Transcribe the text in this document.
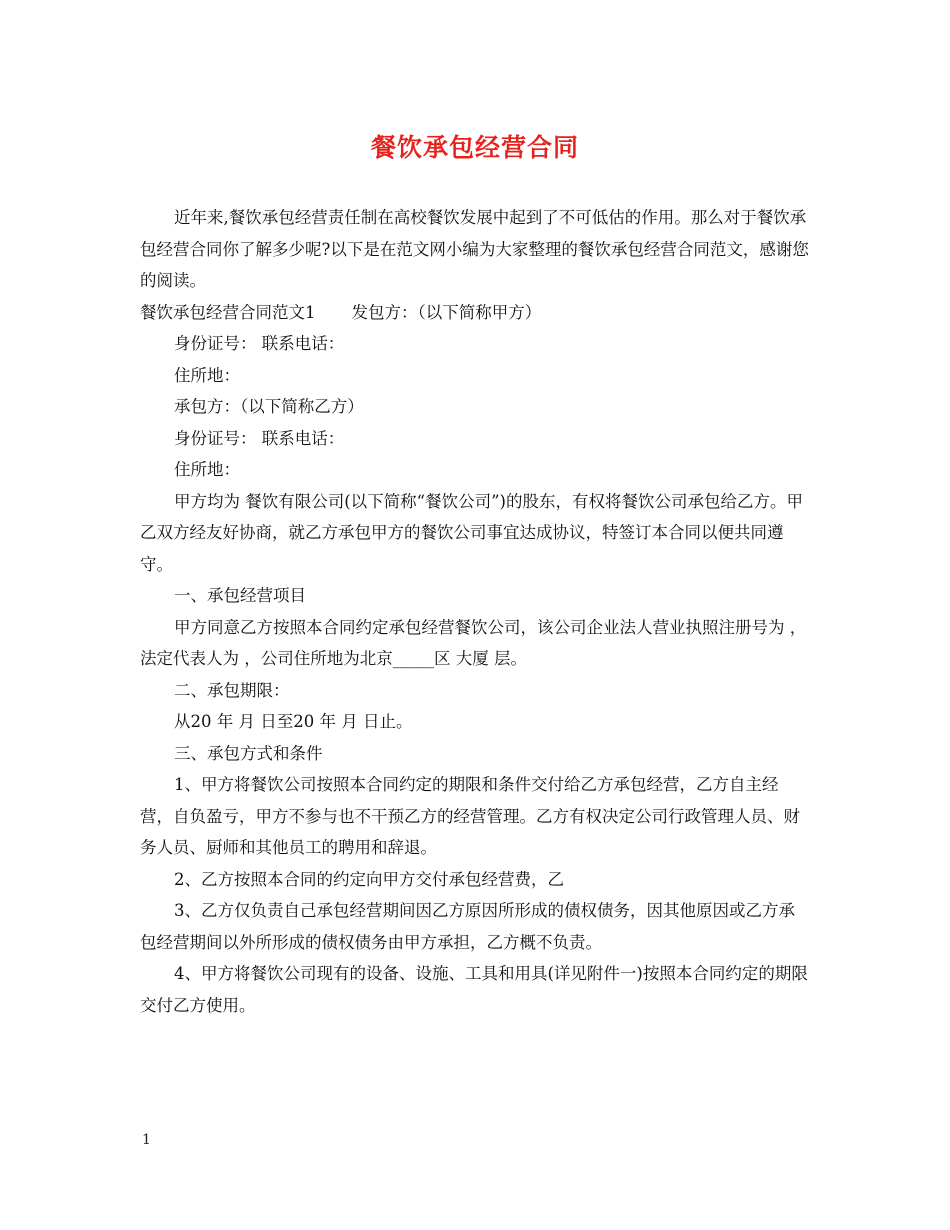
餐饮承包经营合同

近年来,餐饮承包经营责任制在高校餐饮发展中起到了不可低估的作用。那么对于餐饮承包经营合同你了解多少呢?以下是在范文网小编为大家整理的餐饮承包经营合同范文，感谢您的阅读。

餐饮承包经营合同范文1 发包方：（以下简称甲方）

身份证号： 联系电话：

住所地：

承包方：（以下简称乙方）

身份证号： 联系电话：

住所地：

甲方均为 餐饮有限公司(以下简称“餐饮公司”)的股东，有权将餐饮公司承包给乙方。甲乙双方经友好协商，就乙方承包甲方的餐饮公司事宜达成协议，特签订本合同以便共同遵守。

一、承包经营项目

甲方同意乙方按照本合同约定承包经营餐饮公司，该公司企业法人营业执照注册号为 ，法定代表人为 ，公司住所地为北京_____区 大厦 层。

二、承包期限：

从20 年 月 日至20 年 月 日止。

三、承包方式和条件

1、甲方将餐饮公司按照本合同约定的期限和条件交付给乙方承包经营，乙方自主经营，自负盈亏，甲方不参与也不干预乙方的经营管理。乙方有权决定公司行政管理人员、财务人员、厨师和其他员工的聘用和辞退。

2、乙方按照本合同的约定向甲方交付承包经营费，乙

3、乙方仅负责自己承包经营期间因乙方原因所形成的债权债务，因其他原因或乙方承包经营期间以外所形成的债权债务由甲方承担，乙方概不负责。

4、甲方将餐饮公司现有的设备、设施、工具和用具(详见附件一)按照本合同约定的期限交付乙方使用。

1
